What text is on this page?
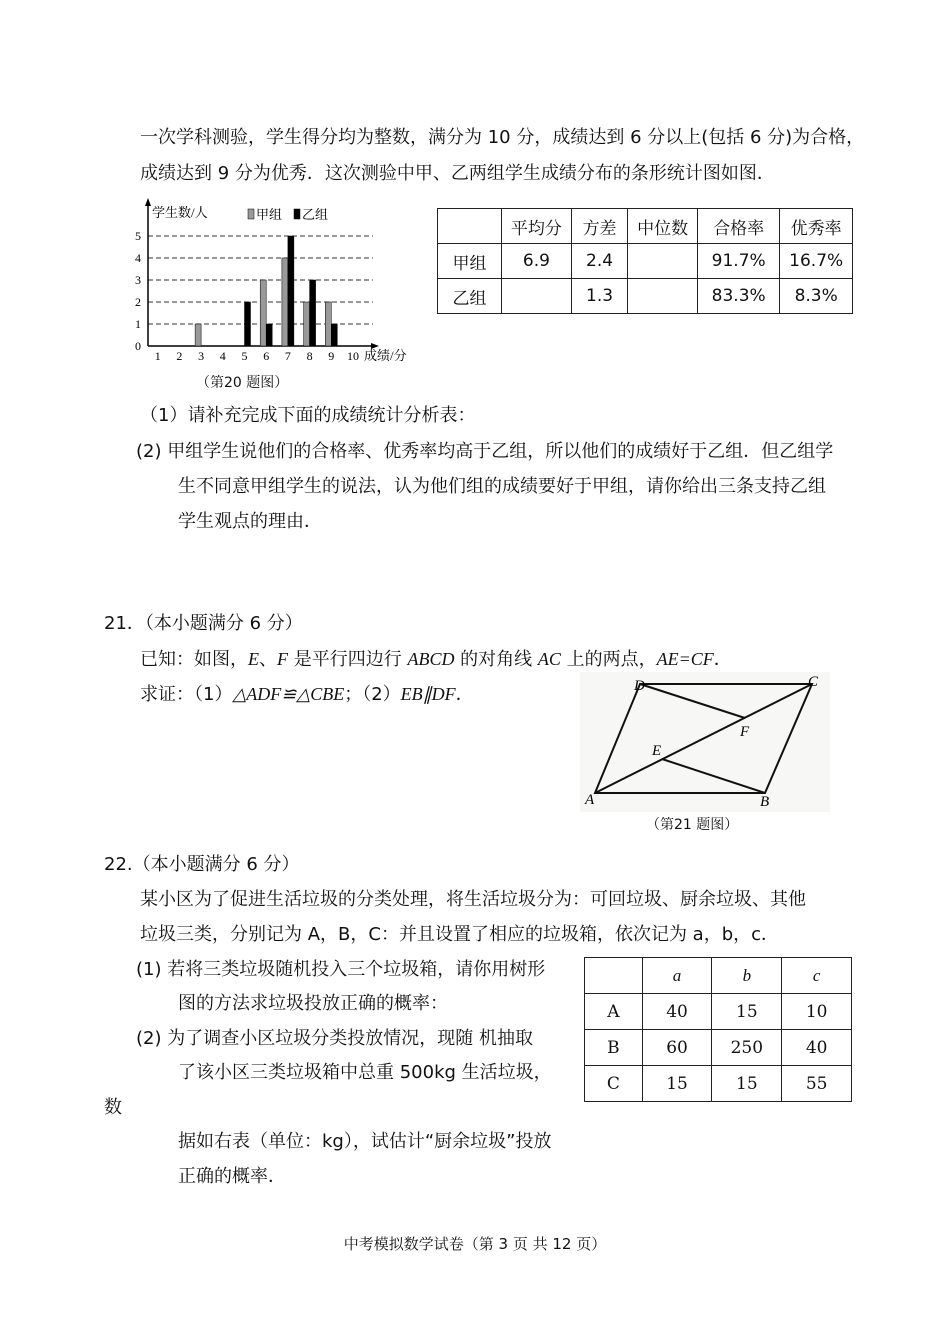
一次学科测验，学生得分均为整数，满分为 10 分，成绩达到 6 分以上(包括 6 分)为合格，
成绩达到 9 分为优秀．这次测验中甲、乙两组学生成绩分布的条形统计图如图．
0
1
2
3
4
5
学生数/人
成绩/分
甲组 乙组
1 2 3 4 5 6 7 8 9 10
（第20 题图）
	平均分	方差	中位数	合格率	优秀率
甲组	6.9	2.4		91.7%	16.7%
乙组		1.3		83.3%	8.3%
（1）请补充完成下面的成绩统计分析表：
(2) 甲组学生说他们的合格率、优秀率均高于乙组，所以他们的成绩好于乙组．但乙组学
生不同意甲组学生的说法，认为他们组的成绩要好于甲组，请你给出三条支持乙组
学生观点的理由．
21．（本小题满分 6 分）
已知：如图，E、F 是平行四边行 ABCD 的对角线 AC 上的两点，AE=CF．
求证：（1）△ADF≌△CBE；（2）EB∥DF．
A	B
C
D
E
F
（第21 题图）
22.（本小题满分 6 分）
某小区为了促进生活垃圾的分类处理，将生活垃圾分为：可回垃圾、厨余垃圾、其他
垃圾三类，分别记为 A，B，C：并且设置了相应的垃圾箱，依次记为 a，b，c．
(1) 若将三类垃圾随机投入三个垃圾箱，请你用树形
图的方法求垃圾投放正确的概率：
(2) 为了调查小区垃圾分类投放情况，现随 机抽取
了该小区三类垃圾箱中总重 500kg 生活垃圾，
数
据如右表（单位：kg），试估计“厨余垃圾”投放
正确的概率．
	a	b	c
A	40	15	10
B	60	250	40
C	15	15	55
中考模拟数学试卷（第 3 页 共 12 页）
